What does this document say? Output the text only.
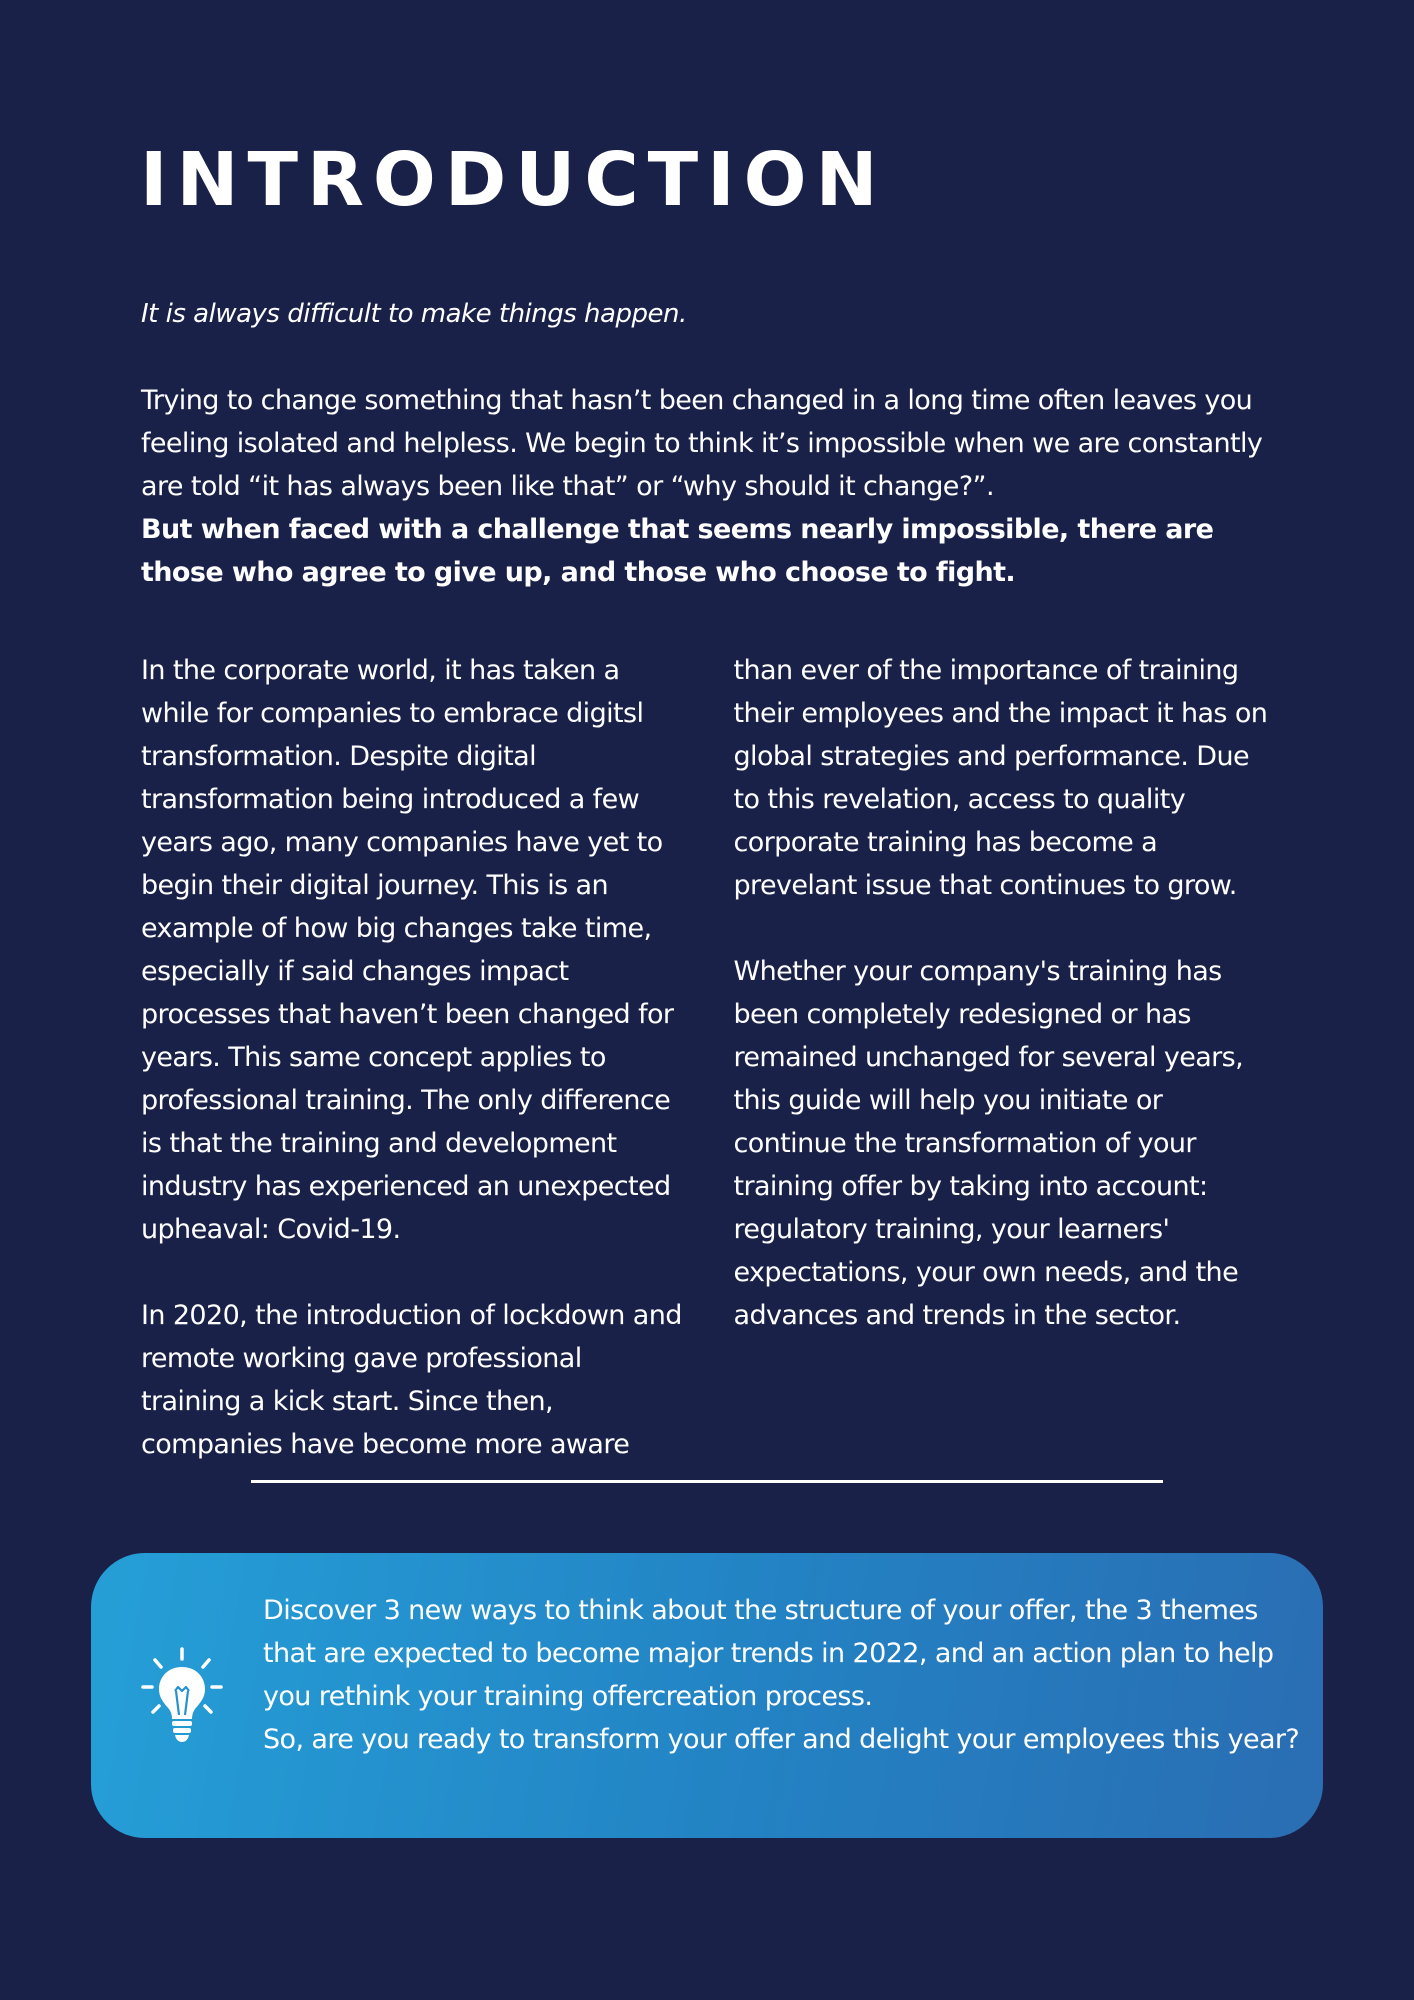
INTRODUCTION

It is always difficult to make things happen.

Trying to change something that hasn’t been changed in a long time often leaves you feeling isolated and helpless. We begin to think it’s impossible when we are constantly are told “it has always been like that” or “why should it change?”.
But when faced with a challenge that seems nearly impossible, there are those who agree to give up, and those who choose to fight.

In the corporate world, it has taken a while for companies to embrace digitsl transformation. Despite digital transformation being introduced a few years ago, many companies have yet to begin their digital journey. This is an example of how big changes take time, especially if said changes impact processes that haven’t been changed for years. This same concept applies to professional training. The only difference is that the training and development industry has experienced an unexpected upheaval: Covid-19.

In 2020, the introduction of lockdown and remote working gave professional training a kick start. Since then, companies have become more aware than ever of the importance of training their employees and the impact it has on global strategies and performance. Due to this revelation, access to quality corporate training has become a prevelant issue that continues to grow.

Whether your company's training has been completely redesigned or has remained unchanged for several years, this guide will help you initiate or continue the transformation of your training offer by taking into account: regulatory training, your learners' expectations, your own needs, and the advances and trends in the sector.

Discover 3 new ways to think about the structure of your offer, the 3 themes that are expected to become major trends in 2022, and an action plan to help you rethink your training offercreation process.
So, are you ready to transform your offer and delight your employees this year?
